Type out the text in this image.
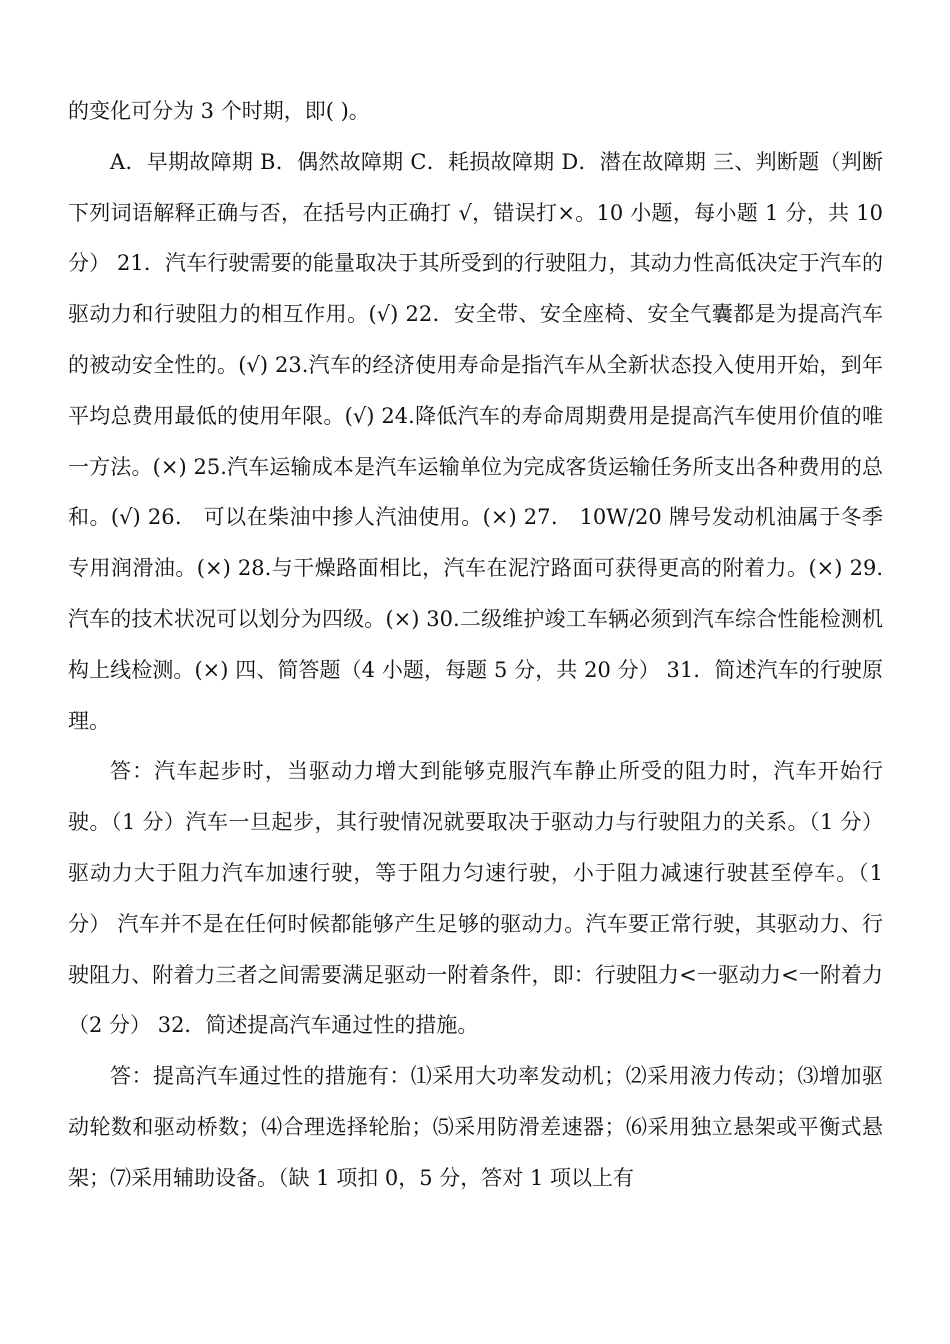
的变化可分为 3 个时期，即( )。

A．早期故障期 B．偶然故障期 C．耗损故障期 D．潜在故障期 三、判断题（判断下列词语解释正确与否，在括号内正确打 √，错误打×。10 小题，每小题 1 分，共 10 分） 21．汽车行驶需要的能量取决于其所受到的行驶阻力，其动力性高低决定于汽车的驱动力和行驶阻力的相互作用。(√) 22．安全带、安全座椅、安全气囊都是为提高汽车的被动安全性的。(√) 23.汽车的经济使用寿命是指汽车从全新状态投入使用开始，到年平均总费用最低的使用年限。(√) 24.降低汽车的寿命周期费用是提高汽车使用价值的唯一方法。(×) 25.汽车运输成本是汽车运输单位为完成客货运输任务所支出各种费用的总和。(√) 26． 可以在柴油中掺人汽油使用。(×) 27． 10W/20 牌号发动机油属于冬季专用润滑油。(×) 28.与干燥路面相比，汽车在泥泞路面可获得更高的附着力。(×) 29.汽车的技术状况可以划分为四级。(×) 30.二级维护竣工车辆必须到汽车综合性能检测机构上线检测。(×) 四、简答题（4 小题，每题 5 分，共 20 分） 31．简述汽车的行驶原理。

答：汽车起步时，当驱动力增大到能够克服汽车静止所受的阻力时，汽车开始行驶。（1 分）汽车一旦起步，其行驶情况就要取决于驱动力与行驶阻力的关系。（1 分）驱动力大于阻力汽车加速行驶，等于阻力匀速行驶，小于阻力减速行驶甚至停车。（1 分） 汽车并不是在任何时候都能够产生足够的驱动力。汽车要正常行驶，其驱动力、行驶阻力、附着力三者之间需要满足驱动一附着条件，即：行驶阻力<一驱动力<一附着力（2 分） 32．简述提高汽车通过性的措施。

答：提高汽车通过性的措施有：⑴采用大功率发动机；⑵采用液力传动；⑶增加驱动轮数和驱动桥数；⑷合理选择轮胎；⑸采用防滑差速器；⑹采用独立悬架或平衡式悬架；⑺采用辅助设备。（缺 1 项扣 0，5 分，答对 1 项以上有
